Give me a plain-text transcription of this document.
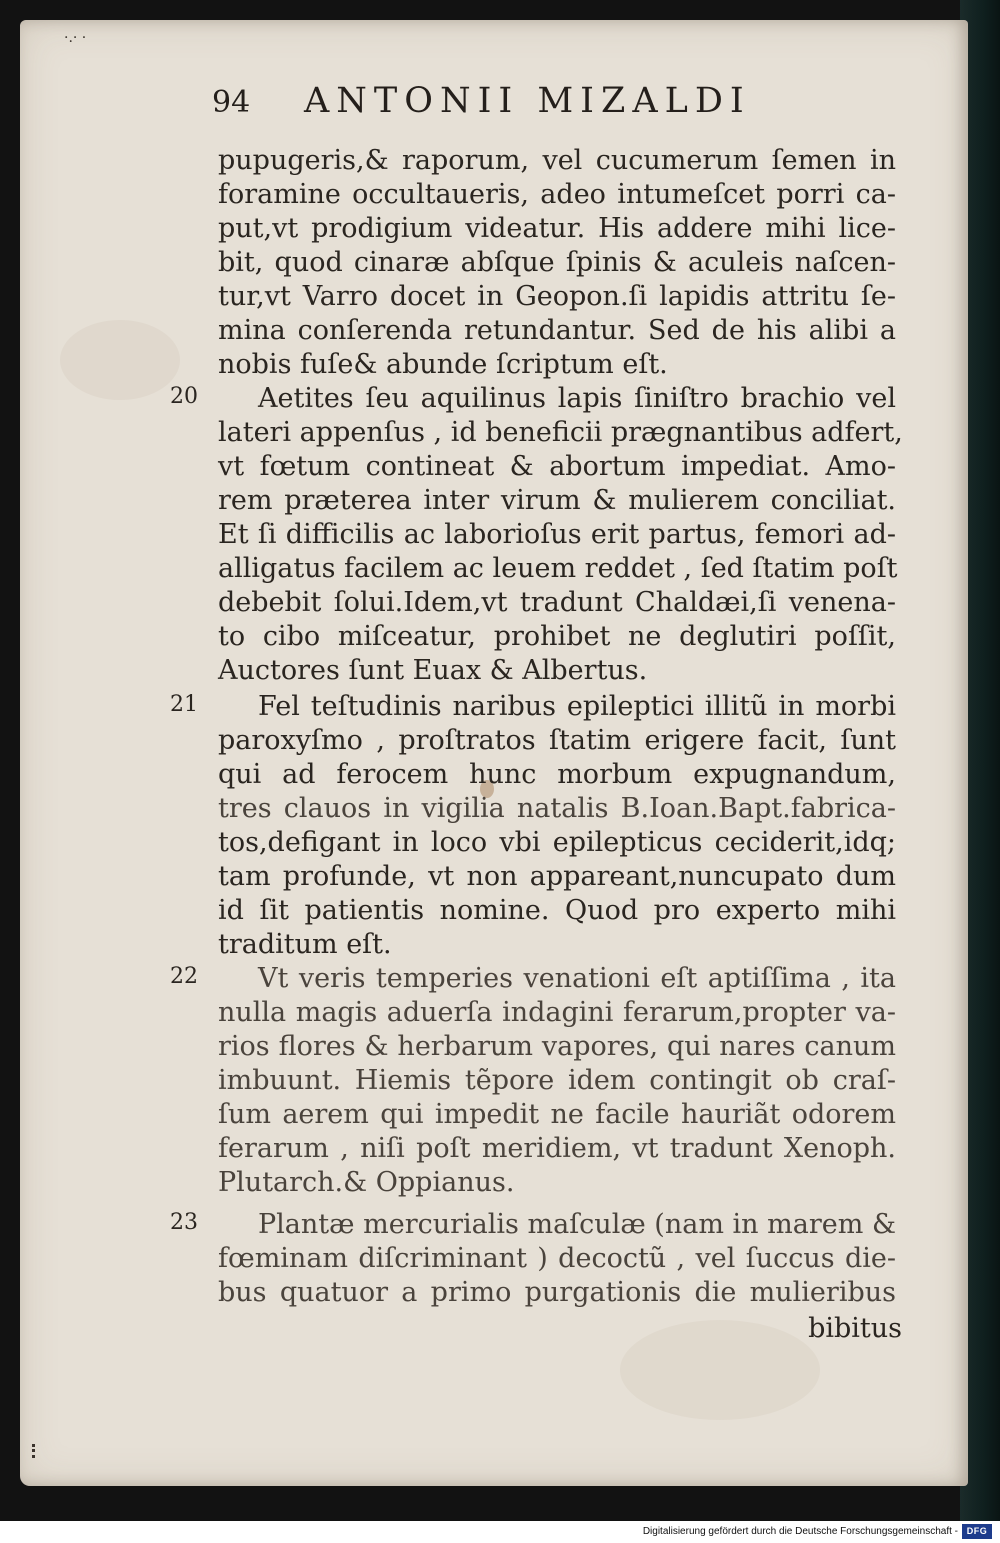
·.· ·
94 ANTONII MIZALDI
pupugeris,& raporum, vel cucumerum ſemen in
foramine occultaueris, adeo intumeſcet porri ca-
put,vt prodigium videatur. His addere mihi lice-
bit, quod cinaræ abſque ſpinis & aculeis naſcen-
tur,vt Varro docet in Geopon.ſi lapidis attritu ſe-
mina conſerenda retundantur. Sed de his alibi a
nobis fuſe& abunde ſcriptum eſt.
20	Aetites ſeu aquilinus lapis ſiniſtro brachio vel
lateri appenſus , id beneficii prægnantibus adfert,
vt fœtum contineat & abortum impediat. Amo-
rem præterea inter virum & mulierem conciliat.
Et ſi difficilis ac laborioſus erit partus, femori ad-
alligatus facilem ac leuem reddet , ſed ſtatim poſt
debebit ſolui.Idem,vt tradunt Chaldæi,ſi venena-
to cibo miſceatur, prohibet ne deglutiri poſſit,
Auctores ſunt Euax & Albertus.
21	Fel teſtudinis naribus epileptici illitũ in morbi
paroxyſmo , proſtratos ſtatim erigere facit, ſunt
qui ad ferocem hunc morbum expugnandum,
tres clauos in vigilia natalis B.Ioan.Bapt.fabrica-
tos,defigant in loco vbi epilepticus ceciderit,idq;
tam profunde, vt non appareant,nuncupato dum
id ſit patientis nomine. Quod pro experto mihi
traditum eſt.
22	Vt veris temperies venationi eſt aptiſſima , ita
nulla magis aduerſa indagini ferarum,propter va-
rios flores & herbarum vapores, qui nares canum
imbuunt. Hiemis tẽpore idem contingit ob craſ-
ſum aerem qui impedit ne facile hauriãt odorem
ferarum , niſi poſt meridiem, vt tradunt Xenoph.
Plutarch.& Oppianus.
23	Plantæ mercurialis maſculæ (nam in marem &
fœminam diſcriminant ) decoctũ , vel ſuccus die-
bus quatuor a primo purgationis die mulieribus
bibitus
Digitalisierung gefördert durch die Deutsche Forschungsgemeinschaft - DFG
